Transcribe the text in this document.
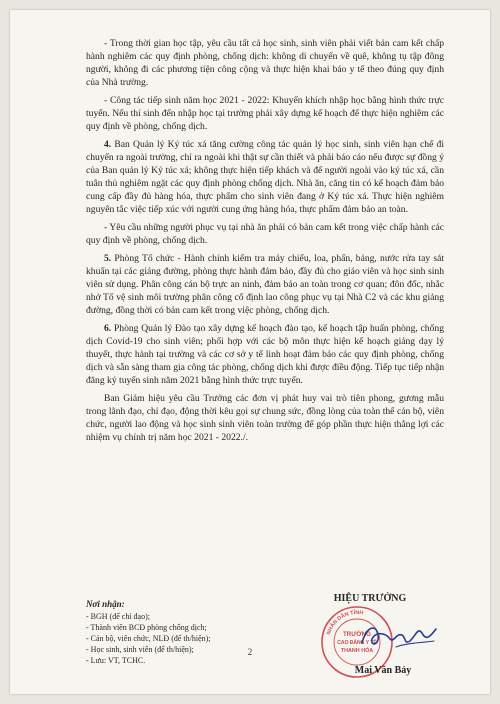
- Trong thời gian học tập, yêu cầu tất cả học sinh, sinh viên phải viết bản cam kết chấp hành nghiêm các quy định phòng, chống dịch: không di chuyển về quê, không tụ tập đông người, không đi các phương tiện công cộng và thực hiện khai báo y tế theo đúng quy định của Nhà trường.

- Công tác tiếp sinh năm học 2021 - 2022: Khuyến khích nhập học bằng hình thức trực tuyến. Nếu thí sinh đến nhập học tại trường phải xây dựng kế hoạch để thực hiện nghiêm các quy định về phòng, chống dịch.

4. Ban Quản lý Ký túc xá tăng cường công tác quản lý học sinh, sinh viên hạn chế đi chuyển ra ngoài trường, chỉ ra ngoài khi thật sự cần thiết và phải báo cáo nếu được sự đồng ý của Ban quản lý Ký túc xá; không thực hiện tiếp khách và để người ngoài vào ký túc xá, cần tuân thủ nghiêm ngặt các quy định phòng chống dịch. Nhà ăn, căng tin có kế hoạch đảm bảo cung cấp đầy đủ hàng hóa, thực phẩm cho sinh viên đang ở Ký túc xá. Thực hiện nghiêm nguyên tắc việc tiếp xúc với người cung ứng hàng hóa, thực phẩm đảm bảo an toàn.

- Yêu cầu những người phục vụ tại nhà ăn phải có bản cam kết trong việc chấp hành các quy định về phòng, chống dịch.

5. Phòng Tổ chức - Hành chính kiểm tra máy chiếu, loa, phấn, bảng, nước rửa tay sát khuẩn tại các giảng đường, phòng thực hành đảm bảo, đầy đủ cho giáo viên và học sinh sinh viên sử dụng. Phân công cán bộ trực an ninh, đảm bảo an toàn trong cơ quan; đôn đốc, nhắc nhở Tổ vệ sinh môi trường phân công cố định lao công phục vụ tại Nhà C2 và các khu giảng đường, đồng thời có bản cam kết trong việc phòng, chống dịch.

6. Phòng Quản lý Đào tạo xây dựng kế hoạch đào tạo, kế hoạch tập huấn phòng, chống dịch Covid-19 cho sinh viên; phối hợp với các bộ môn thực hiện kế hoạch giảng dạy lý thuyết, thực hành tại trường và các cơ sở y tế linh hoạt đảm bảo các quy định phòng, chống dịch và sẵn sàng tham gia công tác phòng, chống dịch khi được điều động. Tiếp tục tiếp nhận đăng ký tuyển sinh năm 2021 bằng hình thức trực tuyến.

Ban Giám hiệu yêu cầu Trưởng các đơn vị phát huy vai trò tiên phong, gương mẫu trong lãnh đạo, chỉ đạo, động thời kêu gọi sự chung sức, đồng lòng của toàn thể cán bộ, viên chức, người lao động và học sinh sinh viên toàn trường để góp phần thực hiện thắng lợi các nhiệm vụ chính trị năm học 2021 - 2022./.

Nơi nhận:
- BGH (để chỉ đạo);
- Thành viên BCĐ phòng chống dịch;
- Cán bộ, viên chức, NLĐ (để th/hiện);
- Học sinh, sinh viên (để th/hiện);
- Lưu: VT, TCHC.
HIỆU TRƯỞNG
NHÂN DÂN TỈNH
TRƯỜNG
CAO ĐẲNG Y TẾ
THANH HÓA
Mai Văn Bảy
2
